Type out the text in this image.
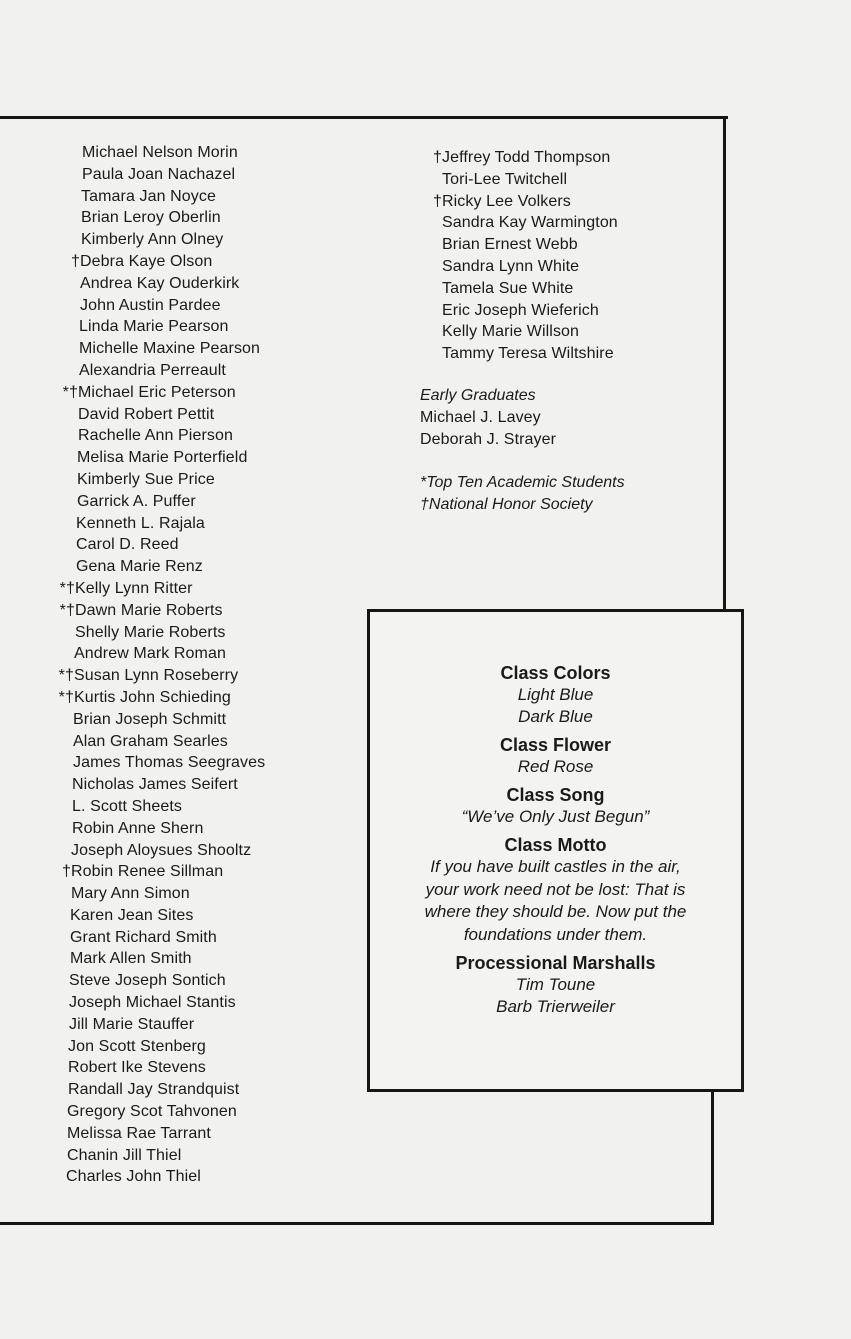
Michael Nelson Morin
Paula Joan Nachazel
Tamara Jan Noyce
Brian Leroy Oberlin
Kimberly Ann Olney
†Debra Kaye Olson
Andrea Kay Ouderkirk
John Austin Pardee
Linda Marie Pearson
Michelle Maxine Pearson
Alexandria Perreault
*†Michael Eric Peterson
David Robert Pettit
Rachelle Ann Pierson
Melisa Marie Porterfield
Kimberly Sue Price
Garrick A. Puffer
Kenneth L. Rajala
Carol D. Reed
Gena Marie Renz
*†Kelly Lynn Ritter
*†Dawn Marie Roberts
Shelly Marie Roberts
Andrew Mark Roman
*†Susan Lynn Roseberry
*†Kurtis John Schieding
Brian Joseph Schmitt
Alan Graham Searles
James Thomas Seegraves
Nicholas James Seifert
L. Scott Sheets
Robin Anne Shern
Joseph Aloysues Shooltz
†Robin Renee Sillman
Mary Ann Simon
Karen Jean Sites
Grant Richard Smith
Mark Allen Smith
Steve Joseph Sontich
Joseph Michael Stantis
Jill Marie Stauffer
Jon Scott Stenberg
Robert Ike Stevens
Randall Jay Strandquist
Gregory Scot Tahvonen
Melissa Rae Tarrant
Chanin Jill Thiel
Charles John Thiel
†Jeffrey Todd Thompson
Tori-Lee Twitchell
†Ricky Lee Volkers
Sandra Kay Warmington
Brian Ernest Webb
Sandra Lynn White
Tamela Sue White
Eric Joseph Wieferich
Kelly Marie Willson
Tammy Teresa Wiltshire
Early Graduates
Michael J. Lavey
Deborah J. Strayer
*Top Ten Academic Students
†National Honor Society
Class Colors
Light Blue
Dark Blue
Class Flower
Red Rose
Class Song
“We’ve Only Just Begun”
Class Motto
If you have built castles in the air,
your work need not be lost: That is
where they should be. Now put the
foundations under them.
Processional Marshalls
Tim Toune
Barb Trierweiler
